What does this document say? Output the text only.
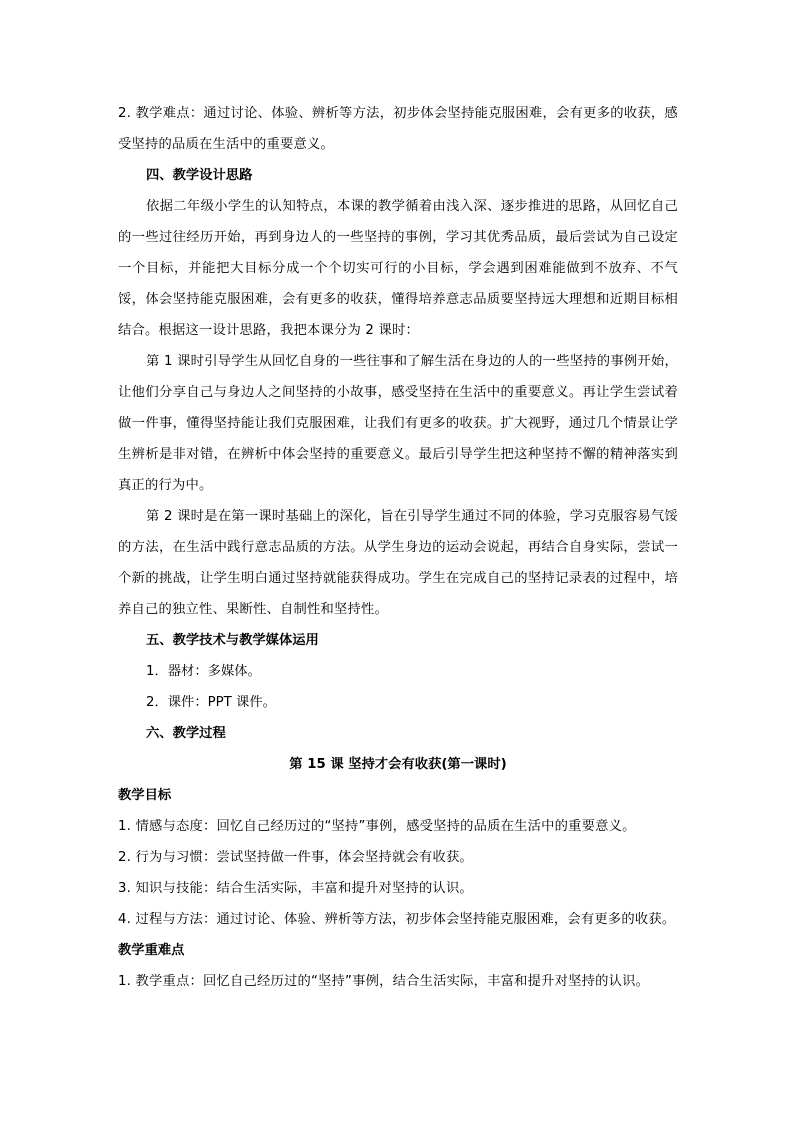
2. 教学难点：通过讨论、体验、辨析等方法，初步体会坚持能克服困难，会有更多的收获，感受坚持的品质在生活中的重要意义。

四、教学设计思路

依据二年级小学生的认知特点，本课的教学循着由浅入深、逐步推进的思路，从回忆自己的一些过往经历开始，再到身边人的一些坚持的事例，学习其优秀品质，最后尝试为自己设定一个目标，并能把大目标分成一个个切实可行的小目标，学会遇到困难能做到不放弃、不气馁，体会坚持能克服困难，会有更多的收获，懂得培养意志品质要坚持远大理想和近期目标相结合。根据这一设计思路，我把本课分为 2 课时：

第 1 课时引导学生从回忆自身的一些往事和了解生活在身边的人的一些坚持的事例开始，让他们分享自己与身边人之间坚持的小故事，感受坚持在生活中的重要意义。再让学生尝试着做一件事，懂得坚持能让我们克服困难，让我们有更多的收获。扩大视野，通过几个情景让学生辨析是非对错，在辨析中体会坚持的重要意义。最后引导学生把这种坚持不懈的精神落实到真正的行为中。

第 2 课时是在第一课时基础上的深化，旨在引导学生通过不同的体验，学习克服容易气馁的方法，在生活中践行意志品质的方法。从学生身边的运动会说起，再结合自身实际，尝试一个新的挑战，让学生明白通过坚持就能获得成功。学生在完成自己的坚持记录表的过程中，培养自己的独立性、果断性、自制性和坚持性。

五、教学技术与教学媒体运用

1．器材：多媒体。

2．课件：PPT 课件。

六、教学过程

第 15 课 坚持才会有收获(第一课时)

教学目标

1. 情感与态度：回忆自己经历过的“坚持”事例，感受坚持的品质在生活中的重要意义。

2. 行为与习惯：尝试坚持做一件事，体会坚持就会有收获。

3. 知识与技能：结合生活实际，丰富和提升对坚持的认识。

4. 过程与方法：通过讨论、体验、辨析等方法，初步体会坚持能克服困难，会有更多的收获。

教学重难点

1. 教学重点：回忆自己经历过的“坚持”事例，结合生活实际，丰富和提升对坚持的认识。
